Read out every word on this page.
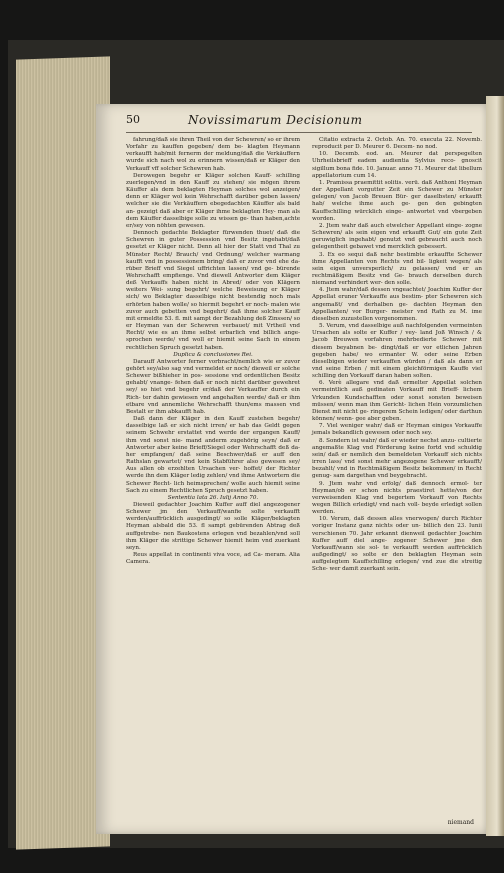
50	Novissimarum Decisionum

fahrung/daß sie ihren Theil von der Schewren/ so er ihrem Vorfahr zu kauffen gegeben/ dem be- klagten Heymann verkaufft hab/mit fernerm der meldung/daß die Verkäuffern wurde sich nach wol zu erinnern wissen/daß er Kläger den Verkauff vff solcher Schewren hab.

Derowegen begehr er Kläger solchen Kauff- schilling zuerlegen/vnd in den Kauff zu stehen/ sie mögen ihrem Käuffer als dem beklagten Heyman solches wol anzeigen/ denn er Kläger wol kein Wehrschafft darüber geben lassen/ welcher sie die Verkäuffern ebegedachten Käuffer als bald an- gezeigt daß aber er Kläger ihme beklagten Hey- man als dem Käuffer dasselbige solle zu wissen ge- than haben,achte er/sey von nöhten gewesen.

Dennoch gedachte Beklagter fürwenden thuet/ daß die Schewren in guter Possession vnd Besitz ingehabt/daß gesetzt er Kläger nicht. Denn all hier der Statt vnd Thal zu Münster Recht/ Brauch/ vnd Ordnung/ welcher warmang kaufft vnd in possessionem bring/ daß er zuvor vnd ehe da- rüber Brieff vnd Siegel uffrichten lassen/ vnd ge- bürende Wehrschafft empfienge. Vnd diewell Antworter dem Kläger deß Verkauffs haben nicht in Abred/ oder von Klägern weiters Wei- sung begehrt/ welche Beweisung er Kläger sich/ wo Beklagter dasselbige nicht bestendig noch mals erhörten haben wolle/ so hiermit begehrt er noch- malen wie zuvor auch gebetten vnd begehrt/ daß ihme solcher Kauff mit ermeldte 53. fl. mit sampt der Bezahlung deß Zinssen/ so er Heyman van der Schewren verbauet/ mit Vrtheil vnd Recht/ wie es an ihme selbst erbarlich vnd billich ange- sprochen werde/ vnd woll er hiemit seine Sach in einem rechtlichen Spruch gesetzt haben.

Duplica & conclusiones Rei.

Darauff Antworter ferner vorbracht/nemlich wie er zuvor gehört sey/also sag vnd vermeldet er noch/ dieweil er solche Schewer bißhieher in pos- sessione vnd ordentlichen Besitz gehabt/ vnange- fehen daß er noch nicht darüber gewehret sey/ so hiet vnd begehr er/daß der Verkauffer durch ein Rich- ter dahin gewiesen vnd angehalten werde/ daß er ihm etbare vnd annemliche Wehrschafft thun/ems massen vnd Bestalt er ihm abkaufft hab.

Daß dann der Kläger in den Kauff zustehen begehr/ dasselbige laß er sich nicht irren/ er hab das Geldt gegen seinem Schwehr erstattet vnd werde der ergangen Kauff/ ihm vnd sonst nie- mand anderm zugehörig seyn/ daß er Antworter aber keine Brieff/Siegel oder Wehrschafft deß da- her empfangen/ daß seine Beschwer/daß er auff den Rathslan gewartet/ vnd kein Stabführer also gewesen sey/ Aus allen ob erzehlten Ursachen ver- hoffet/ der Richter werde ihn dem Kläger ledig zehlen/ vnd ihme Antwortern die Schewer Recht- lich heimsprechen/ wolle auch hiemit seine Sach zu einem Rechtlichen Spruch gesetzt haben.

Sententia lata 26. Iulij Anno 70.

Dieweil gedachter Joachim Kuffer auff diel angezogener Schewer jm den Verkauff/wanfie solte verkaufft werden/auffrücklich ausgedingt/ so solle Kläger/beklagten Heyman alsbald die 53. fl sampt gebürenden Abtrag deß auffgetrebe- nen Baukostens erlegen vnd bezahlen/vnd soll ihm Kläger die strittige Schewer hiemit heim vnd zuerkant seyn.

Reus appellat in continenti viva voce, ad Ca- meram. Alia Camera.

Citatio extracta 2. Octob. An. 70. executa 22. Novemb. reproducit per D. Meurer 6. Decem- no nod.

10. Decemb. eod. an. Meurer dat perspegelten Uhrheilsbrieff eadem audientia Sylvius reco- gnoscit sigillum bona fide. 10. Januar. anno 71. Meurer dat libellum appellatorium cum 14.

1. Pramissa praemittit solitis. verü. daß Anthoni Heyman der Appellant vorgutter Zeit ein Schewer zu Münster gelegen/ von Jacob Breuen Bür- ger daselbsten/ erkaufft hab/ welche ihme auch ge- gen den gebingten Kauffschilling würcklich einge- antwortet vnd vbergeben worden.

2. Jtem wahr daß auch etwelcher Appellant einge- zogne Schewren/ als sein eigen vnd erkaufft Gut/ ein gute Zeit geruwiglich ingehabt/ genutzt vnd gebraucht auch noch gelegentheit gebawet vnd mercklich gebessert.

3. Ex eo sequi daß nehr bestimbte erkauffte Schewer ihme Appellanten von Rechts vnd bil- ligkeit wegen/ als sein eigen unversperlich/ zu gelassen/ vnd er an rechtmäßigem Besitz vnd Ge- brauch derselben durch niemand verhindert wer- den solle.

4. Jtem wahr/daß dessen vngeachtet/ Joachim Kuffer der Appellat eruner Verkauffe aus bestim- pter Schewren sich angemaßt/ vnd derhalben ge- dachten Heyman den Appellanten/ vor Burger- meister vnd Rath zu M. ime dieselben zuzustellen vorgenommen.

5. Verum, vnd dasselbige auß nachfolgenden vermeinten Ursachen als solte er Kuffer / vey- land Joß Winsch / & Jacob Breuwen vorfahren mehrbedierte Schewer mit diesem beyabnen be- dingt/daß er vor etlichen Jahren gegeben habe/ wo ermanter W. oder seine Erben dieselbigen wieder verkauffen würden / daß als dann er vnd seine Erben / mit einem gleichförmigen Kauffe viel schilling den Vorkauff daran haben solten.

6. Verè allegare vnd daß ermelter Appellat solchen vermeintlich auß gedinaten Vorkauff mit Brieff- lichem Vrkunden Kundschafften oder sonst sonsten beweisen müssen/ wenn man ihm Gericht- lichen Hein vorzumlichen Dienst mit nicht ge- ringerem Schein ledigen/ oder darthun können/ wenn- gee aber geben.

7. Viel weniger wahr/ daß er Heyman einiges Vorkauffe jemals bekandlich gewesen oder noch sey.

8. Sondern ist wahr/ daß er wieder nechst anzu- cultierte angemaßte Klag vnd Förderung keine fortd vnd schuldig sein/ daß er nemlich den bemeldeten Vorkauff sich nichts irren lass/ vnd sonst mehr angezogene Schewer erkaufft/ bezahlt/ vnd in Rechtmäßigem Besitz bekommen/ in Recht genug- sam dargethan vnd beygebracht.

9. Jtem wahr vnd erfolg/ daß dennoch ermol- ter Heyman/ob er schon nichts praestiret hette/von der verweisenden Klag vnd begertem Vorkauff von Rechts wegen Billich erledigt/ vnd nach voll- beyde erledigt sollen werden.

10. Verum, daß dessen alles vnerwogen/ durch Richter voriger Instanz ganz nichts oder un- billich den 23. Iunii verschienen 70. Jahr erkannt dienweil gedachter Joachim Kuffer auff diel ange- zogener Schewer jme den Vorkauff/wann sie sol- te verkaufft werden auffrücklich außgedingt/ so solte er den beklagten Heyman sein auffgelegtem Kauffschilling erlegen/ vnd zue die streitig Sche- wer damit zuerkant sein.

niemand
